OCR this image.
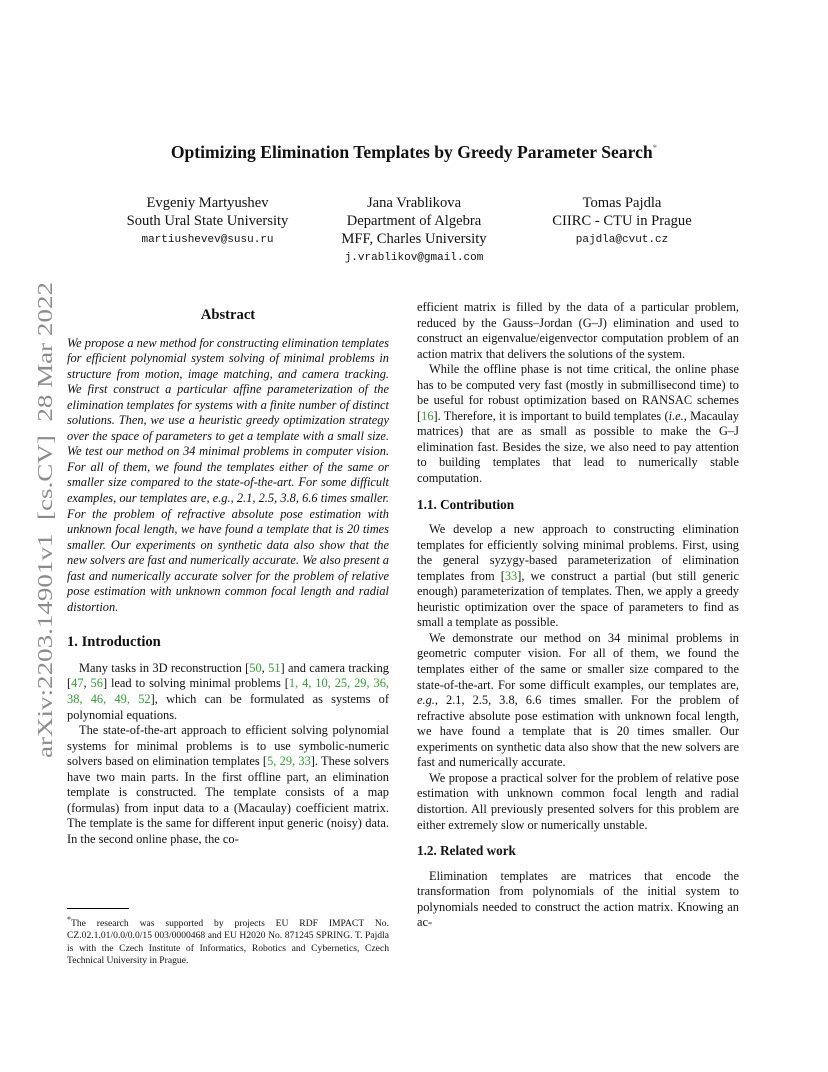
arXiv:2203.14901v1  [cs.CV]  28 Mar 2022
Optimizing Elimination Templates by Greedy Parameter Search*
Evgeniy Martyushev
South Ural State University
martiushevev@susu.ru
Jana Vrablikova
Department of Algebra
MFF, Charles University
j.vrablikov@gmail.com
Tomas Pajdla
CIIRC - CTU in Prague
pajdla@cvut.cz
Abstract

We propose a new method for constructing elimination templates for efficient polynomial system solving of minimal problems in structure from motion, image matching, and camera tracking. We first construct a particular affine parameterization of the elimination templates for systems with a finite number of distinct solutions. Then, we use a heuristic greedy optimization strategy over the space of parameters to get a template with a small size. We test our method on 34 minimal problems in computer vision. For all of them, we found the templates either of the same or smaller size compared to the state-of-the-art. For some difficult examples, our templates are, e.g., 2.1, 2.5, 3.8, 6.6 times smaller. For the problem of refractive absolute pose estimation with unknown focal length, we have found a template that is 20 times smaller. Our experiments on synthetic data also show that the new solvers are fast and numerically accurate. We also present a fast and numerically accurate solver for the problem of relative pose estimation with unknown common focal length and radial distortion.

1. Introduction

Many tasks in 3D reconstruction [50, 51] and camera tracking [47, 56] lead to solving minimal problems [1, 4, 10, 25, 29, 36, 38, 46, 49, 52], which can be formulated as systems of polynomial equations.

The state-of-the-art approach to efficient solving polynomial systems for minimal problems is to use symbolic-numeric solvers based on elimination templates [5, 29, 33]. These solvers have two main parts. In the first offline part, an elimination template is constructed. The template consists of a map (formulas) from input data to a (Macaulay) coefficient matrix. The template is the same for different input generic (noisy) data. In the second online phase, the co-

*The research was supported by projects EU RDF IMPACT No. CZ.02.1.01/0.0/0.0/15 003/0000468 and EU H2020 No. 871245 SPRING. T. Pajdla is with the Czech Institute of Informatics, Robotics and Cybernetics, Czech Technical University in Prague.

efficient matrix is filled by the data of a particular problem, reduced by the Gauss–Jordan (G–J) elimination and used to construct an eigenvalue/eigenvector computation problem of an action matrix that delivers the solutions of the system.

While the offline phase is not time critical, the online phase has to be computed very fast (mostly in submillisecond time) to be useful for robust optimization based on RANSAC schemes [16]. Therefore, it is important to build templates (i.e., Macaulay matrices) that are as small as possible to make the G–J elimination fast. Besides the size, we also need to pay attention to building templates that lead to numerically stable computation.

1.1. Contribution

We develop a new approach to constructing elimination templates for efficiently solving minimal problems. First, using the general syzygy-based parameterization of elimination templates from [33], we construct a partial (but still generic enough) parameterization of templates. Then, we apply a greedy heuristic optimization over the space of parameters to find as small a template as possible.

We demonstrate our method on 34 minimal problems in geometric computer vision. For all of them, we found the templates either of the same or smaller size compared to the state-of-the-art. For some difficult examples, our templates are, e.g., 2.1, 2.5, 3.8, 6.6 times smaller. For the problem of refractive absolute pose estimation with unknown focal length, we have found a template that is 20 times smaller. Our experiments on synthetic data also show that the new solvers are fast and numerically accurate.

We propose a practical solver for the problem of relative pose estimation with unknown common focal length and radial distortion. All previously presented solvers for this problem are either extremely slow or numerically unstable.

1.2. Related work

Elimination templates are matrices that encode the transformation from polynomials of the initial system to polynomials needed to construct the action matrix. Knowing an ac-
